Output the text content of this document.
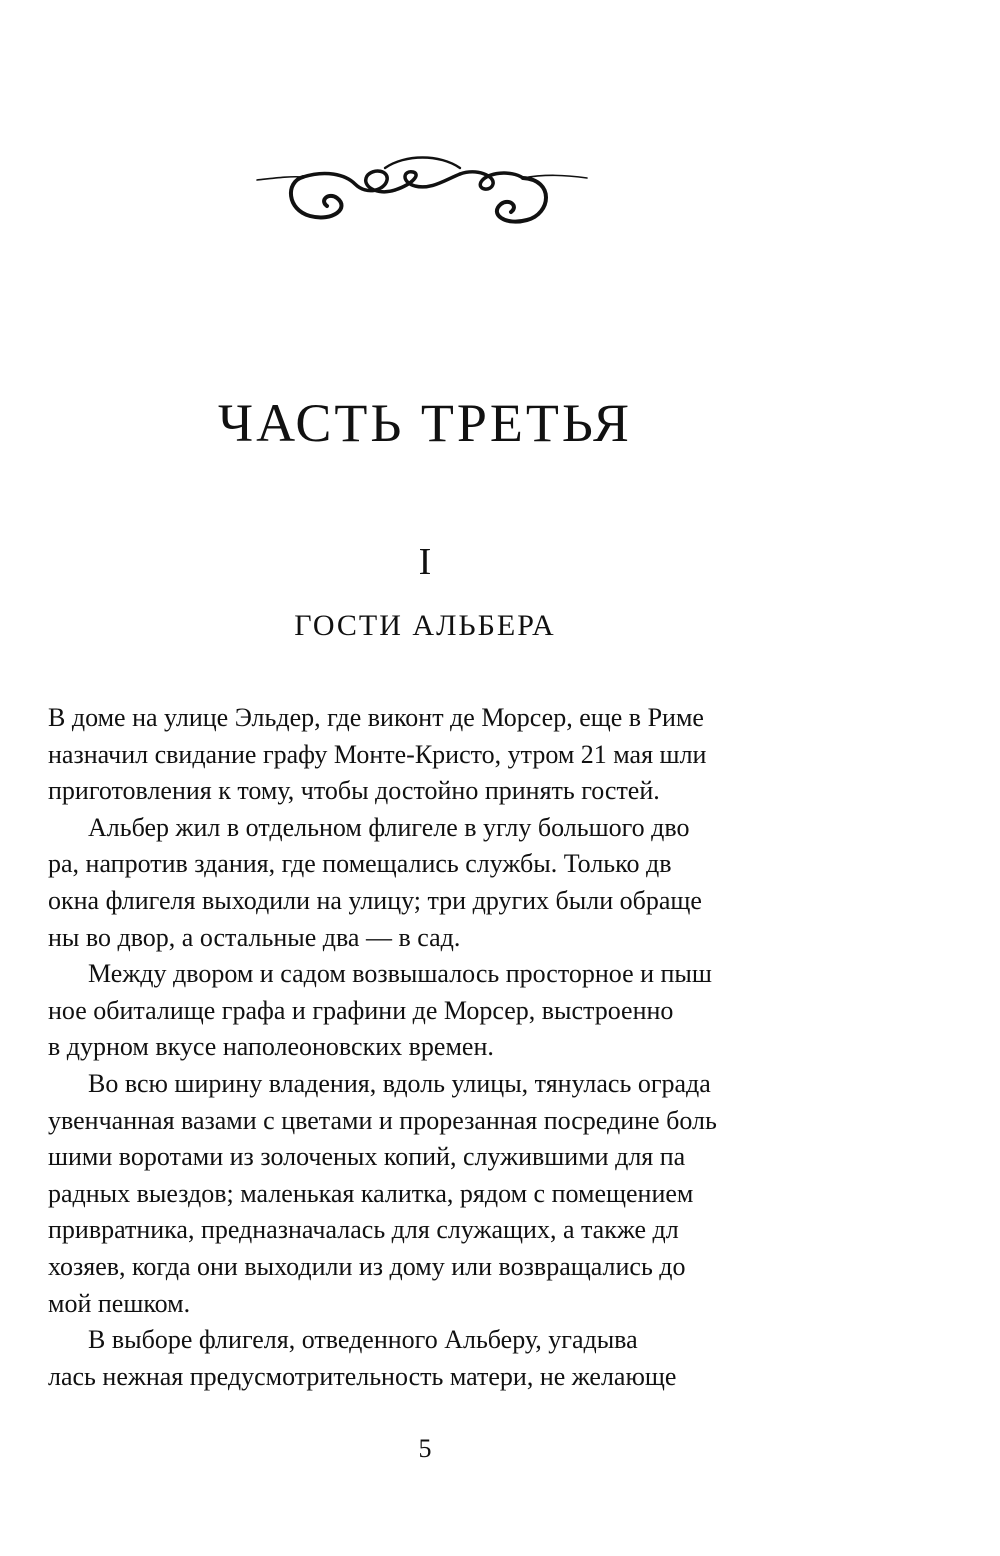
ЧАСТЬ ТРЕТЬЯ
I
ГОСТИ АЛЬБЕРА
В доме на улице Эльдер, где виконт де Морсер, еще в Риме
назначил свидание графу Монте-Кристо, утром 21 мая шли
приготовления к тому, чтобы достойно принять гостей.
Альбер жил в отдельном флигеле в углу большого дво
ра, напротив здания, где помещались службы. Только дв
окна флигеля выходили на улицу; три других были обраще
ны во двор, а остальные два — в сад.
Между двором и садом возвышалось просторное и пыш
ное обиталище графа и графини де Морсер, выстроенно
в дурном вкусе наполеоновских времен.
Во всю ширину владения, вдоль улицы, тянулась ограда
увенчанная вазами с цветами и прорезанная посредине боль
шими воротами из золоченых копий, служившими для па
радных выездов; маленькая калитка, рядом с помещением
привратника, предназначалась для служащих, а также дл
хозяев, когда они выходили из дому или возвращались до
мой пешком.
В выборе флигеля, отведенного Альберу, угадыва
лась нежная предусмотрительность матери, не желающе
5
